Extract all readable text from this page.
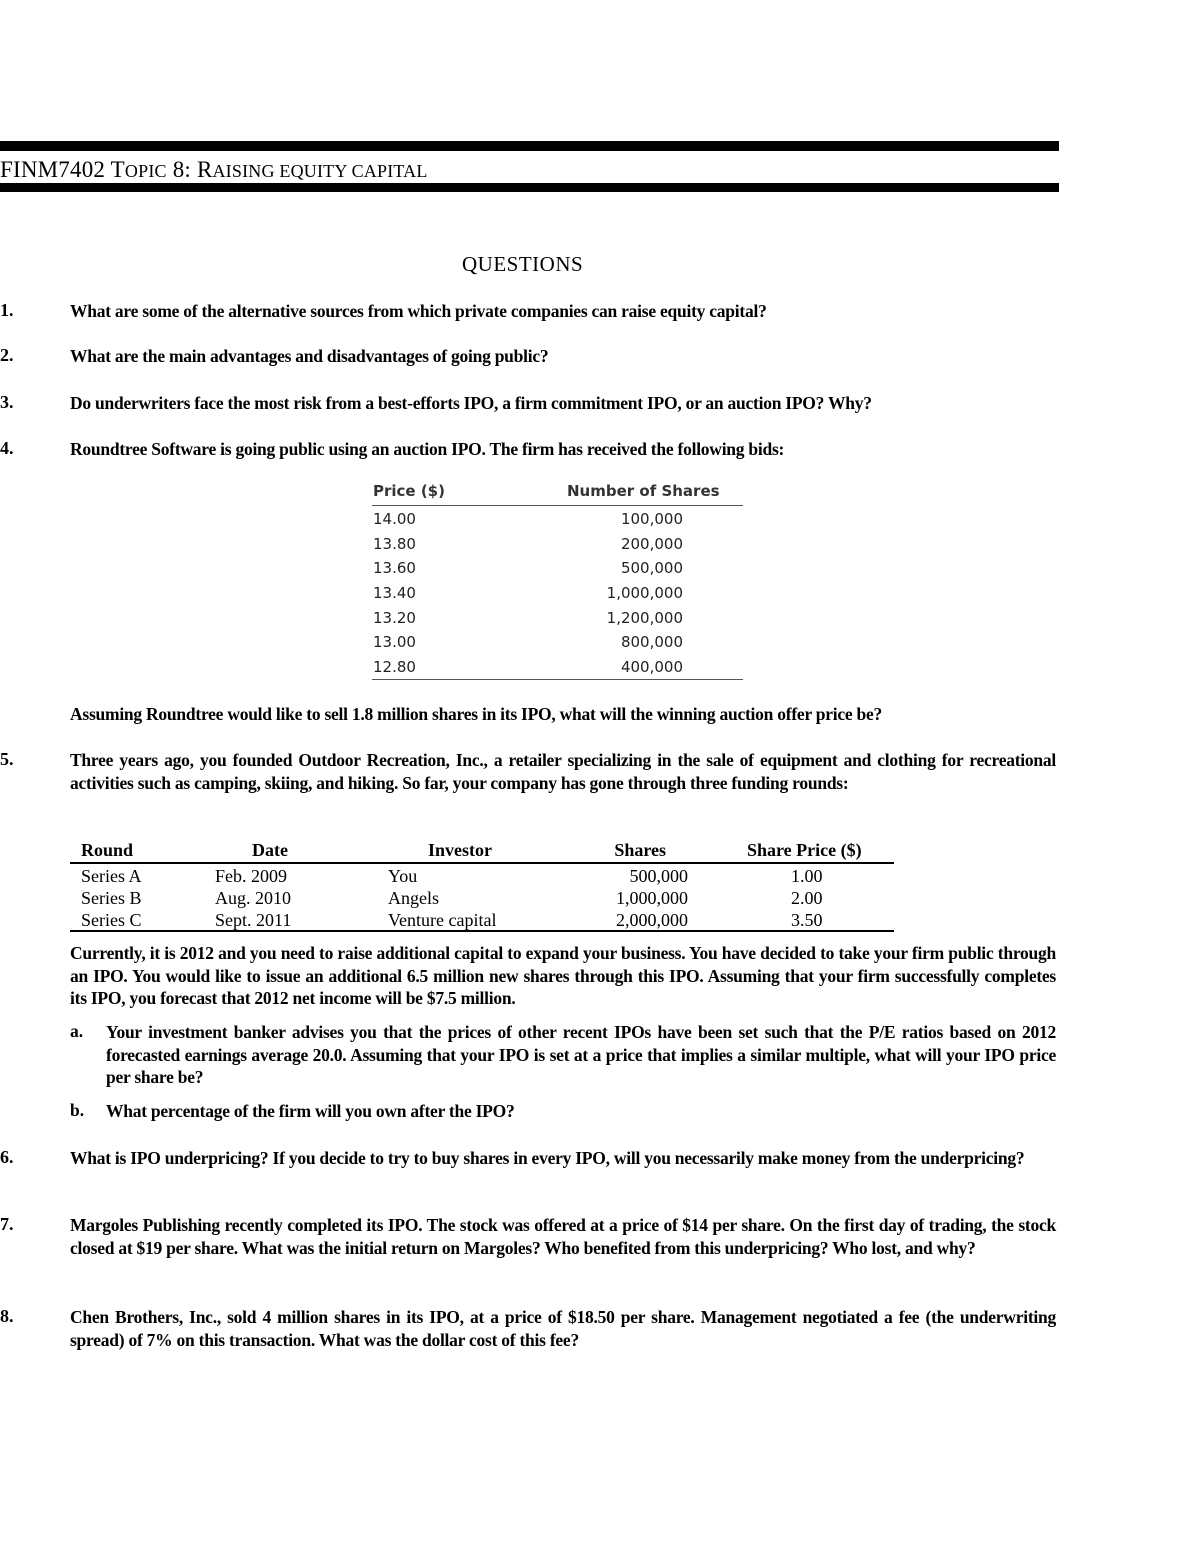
FINM7402 TOPIC 8: RAISING EQUITY CAPITAL
QUESTIONS
1.	What are some of the alternative sources from which private companies can raise equity capital?
2.	What are the main advantages and disadvantages of going public?
3.	Do underwriters face the most risk from a best-efforts IPO, a firm commitment IPO, or an auction IPO? Why?
4.	Roundtree Software is going public using an auction IPO. The firm has received the following bids:
Price ($)	Number of Shares
14.00	100,000
13.80	200,000
13.60	500,000
13.40	1,000,000
13.20	1,200,000
13.00	800,000
12.80	400,000
Assuming Roundtree would like to sell 1.8 million shares in its IPO, what will the winning auction offer price be?
5.	Three years ago, you founded Outdoor Recreation, Inc., a retailer specializing in the sale of equipment and clothing for recreational activities such as camping, skiing, and hiking. So far, your company has gone through three funding rounds:
Round	Date	Investor	Shares	Share Price ($)
Series A	Feb. 2009	You	500,000	1.00
Series B	Aug. 2010	Angels	1,000,000	2.00
Series C	Sept. 2011	Venture capital	2,000,000	3.50
Currently, it is 2012 and you need to raise additional capital to expand your business. You have decided to take your firm public through an IPO. You would like to issue an additional 6.5 million new shares through this IPO. Assuming that your firm successfully completes its IPO, you forecast that 2012 net income will be $7.5 million.
a. Your investment banker advises you that the prices of other recent IPOs have been set such that the P/E ratios based on 2012 forecasted earnings average 20.0. Assuming that your IPO is set at a price that implies a similar multiple, what will your IPO price per share be?
b. What percentage of the firm will you own after the IPO?
6.	What is IPO underpricing? If you decide to try to buy shares in every IPO, will you necessarily make money from the underpricing?
7.	Margoles Publishing recently completed its IPO. The stock was offered at a price of $14 per share. On the first day of trading, the stock closed at $19 per share. What was the initial return on Margoles? Who benefited from this underpricing? Who lost, and why?
8.	Chen Brothers, Inc., sold 4 million shares in its IPO, at a price of $18.50 per share. Management negotiated a fee (the underwriting spread) of 7% on this transaction. What was the dollar cost of this fee?
